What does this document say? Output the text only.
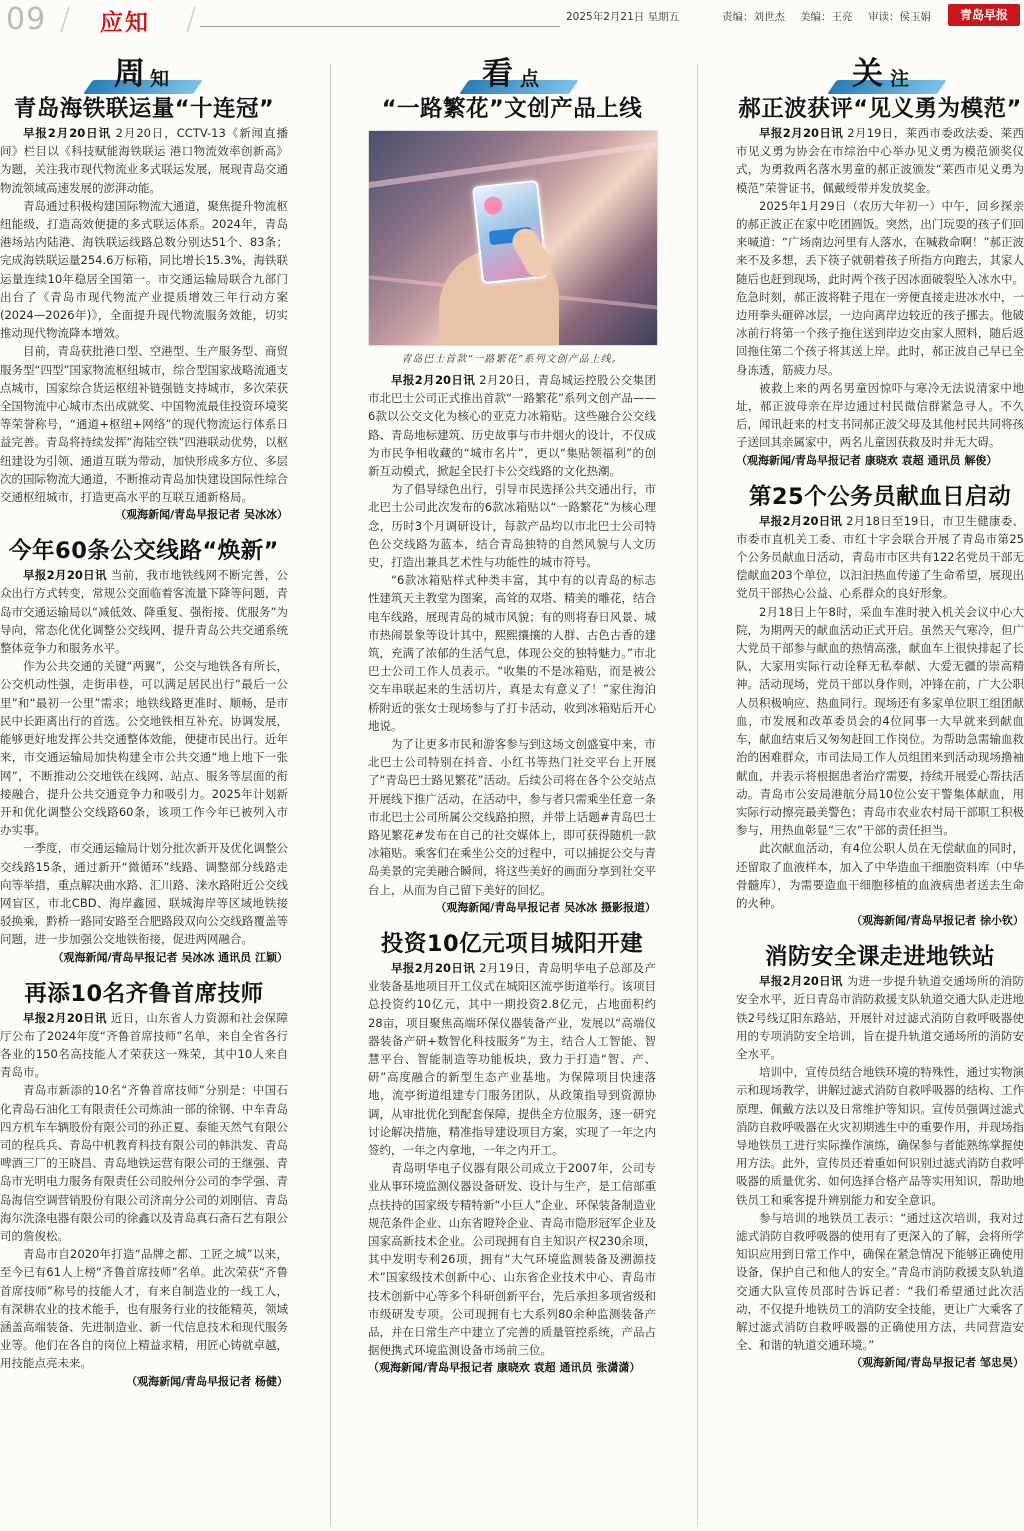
09 / 应知 /	2025年2月21日 星期五	责编：刘世杰 美编：王亮 审读：侯玉娟	青岛早报
周 知
青岛海铁联运量“十连冠”

早报2月20日讯 2月20日，CCTV-13《新闻直播间》栏目以《科技赋能海铁联运 港口物流效率创新高》为题，关注我市现代物流业多式联运发展，展现青岛交通物流领域高速发展的澎湃动能。

青岛通过积极构建国际物流大通道，聚焦提升物流枢纽能级，打造高效便捷的多式联运体系。2024年，青岛港场站内陆港、海铁联运线路总数分别达51个、83条；完成海铁联运量254.6万标箱，同比增长15.3%，海铁联运量连续10年稳居全国第一。市交通运输局联合九部门出台了《青岛市现代物流产业提质增效三年行动方案(2024—2026年)》，全面提升现代物流服务效能，切实推动现代物流降本增效。

目前，青岛获批港口型、空港型、生产服务型、商贸服务型“四型”国家物流枢纽城市，综合型国家战略流通支点城市，国家综合货运枢纽补链强链支持城市，多次荣获全国物流中心城市杰出成就奖、中国物流最佳投资环境奖等荣誉称号，“通道+枢纽+网络”的现代物流运行体系日益完善。青岛将持续发挥“海陆空铁”四港联动优势，以枢纽建设为引领、通道互联为带动，加快形成多方位、多层次的国际物流大通道，不断推动青岛加快建设国际性综合交通枢纽城市，打造更高水平的互联互通新格局。

（观海新闻/青岛早报记者 吴冰冰）

今年60条公交线路“焕新”

早报2月20日讯 当前，我市地铁线网不断完善，公众出行方式转变，常规公交面临着客流量下降等问题，青岛市交通运输局以“减低效、降重复、强衔接、优服务”为导向，常态化优化调整公交线网，提升青岛公共交通系统整体竞争力和服务水平。

作为公共交通的关键“两翼”，公交与地铁各有所长，公交机动性强，走街串巷，可以满足居民出行“最后一公里”和“最初一公里”需求；地铁线路更准时、顺畅，是市民中长距离出行的首选。公交地铁相互补充、协调发展，能够更好地发挥公共交通整体效能，便捷市民出行。近年来，市交通运输局加快构建全市公共交通“地上地下一张网”，不断推动公交地铁在线网、站点、服务等层面的衔接融合，提升公共交通竞争力和吸引力。2025年计划新开和优化调整公交线路60条，该项工作今年已被列入市办实事。

一季度，市交通运输局计划分批次新开及优化调整公交线路15条，通过新开“微循环”线路、调整部分线路走向等举措，重点解决曲水路、汇川路、涞水路附近公交线网盲区，市北CBD、海岸鑫园、联城海岸等区域地铁接驳换乘，黔桥一路同安路至合肥路段双向公交线路覆盖等问题，进一步加强公交地铁衔接，促进两网融合。

（观海新闻/青岛早报记者 吴冰冰 通讯员 江颖）

再添10名齐鲁首席技师

早报2月20日讯 近日，山东省人力资源和社会保障厅公布了2024年度“齐鲁首席技师”名单，来自全省各行各业的150名高技能人才荣获这一殊荣，其中10人来自青岛市。

青岛市新添的10名“齐鲁首席技师”分别是：中国石化青岛石油化工有限责任公司炼油一部的徐钢、中车青岛四方机车车辆股份有限公司的孙正夏、泰能天然气有限公司的程兵兵、青岛中机教育科技有限公司的韩洪发、青岛啤酒三厂的王晓昌、青岛地铁运营有限公司的王继强、青岛市光明电力服务有限责任公司胶州分公司的李学强、青岛海信空调营销股份有限公司济南分公司的刘刚信、青岛海尔洗涤电器有限公司的徐鑫以及青岛真石斋石艺有限公司的詹俊松。

青岛市自2020年打造“品牌之都、工匠之城”以来，至今已有61人上榜“齐鲁首席技师”名单。此次荣获“齐鲁首席技师”称号的技能人才，有来自制造业的一线工人，有深耕农业的技术能手，也有服务行业的技能精英，领域涵盖高端装备、先进制造业、新一代信息技术和现代服务业等。他们在各自的岗位上精益求精，用匠心铸就卓越，用技能点亮未来。

（观海新闻/青岛早报记者 杨健）

看 点
“一路繁花”文创产品上线
青岛巴士首款“一路繁花”系列文创产品上线。

早报2月20日讯 2月20日，青岛城运控股公交集团市北巴士公司正式推出首款“一路繁花”系列文创产品——6款以公交文化为核心的亚克力冰箱贴。这些融合公交线路、青岛地标建筑、历史故事与市井烟火的设计，不仅成为市民争相收藏的“城市名片”，更以“集贴领福利”的创新互动模式，掀起全民打卡公交线路的文化热潮。

为了倡导绿色出行，引导市民选择公共交通出行，市北巴士公司此次发布的6款冰箱贴以“一路繁花”为核心理念，历时3个月调研设计，每款产品均以市北巴士公司特色公交线路为蓝本，结合青岛独特的自然风貌与人文历史，打造出兼具艺术性与功能性的城市符号。

“6款冰箱贴样式种类丰富，其中有的以青岛的标志性建筑天主教堂为图案，高耸的双塔、精美的雕花，结合电车线路，展现青岛的城市风貌；有的则将春日风景、城市热闹景象等设计其中，熙熙攘攘的人群、古色古香的建筑，充满了浓郁的生活气息，体现公交的独特魅力。”市北巴士公司工作人员表示。“收集的不是冰箱贴，而是被公交车串联起来的生活切片，真是太有意义了！”家住海泊桥附近的张女士现场参与了打卡活动，收到冰箱贴后开心地说。

为了让更多市民和游客参与到这场文创盛宴中来，市北巴士公司特别在抖音、小红书等热门社交平台上开展了“青岛巴士路见繁花”活动。后续公司将在各个公交站点开展线下推广活动，在活动中，参与者只需乘坐任意一条市北巴士公司所属公交线路拍照，并带上话题#青岛巴士路见繁花#发布在自己的社交媒体上，即可获得随机一款冰箱贴。乘客们在乘坐公交的过程中，可以捕捉公交与青岛美景的完美融合瞬间，将这些美好的画面分享到社交平台上，从而为自己留下美好的回忆。

（观海新闻/青岛早报记者 吴冰冰 摄影报道）

投资10亿元项目城阳开建

早报2月20日讯 2月19日，青岛明华电子总部及产业装备基地项目开工仪式在城阳区流亭街道举行。该项目总投资约10亿元，其中一期投资2.8亿元，占地面积约28亩，项目聚焦高端环保仪器装备产业，发展以“高端仪器装备产研+数智化科技服务”为主，结合人工智能、智慧平台、智能制造等功能板块，致力于打造“智、产、研”高度融合的新型生态产业基地。为保障项目快速落地，流亭街道组建专门服务团队，从政策指导到资源协调，从审批优化到配套保障，提供全方位服务，逐一研究讨论解决措施，精准指导建设项目方案，实现了一年之内签约，一年之内拿地，一年之内开工。

青岛明华电子仪器有限公司成立于2007年，公司专业从事环境监测仪器设备研发、设计与生产，是工信部重点扶持的国家级专精特新“小巨人”企业、环保装备制造业规范条件企业、山东省瞪羚企业、青岛市隐形冠军企业及国家高新技术企业。公司现拥有自主知识产权230余项，其中发明专利26项，拥有“大气环境监测装备及溯源技术”国家级技术创新中心、山东省企业技术中心、青岛市技术创新中心等多个科研创新平台，先后承担多项省级和市级研发专项。公司现拥有七大系列80余种监测装备产品，并在日常生产中建立了完善的质量管控系统，产品占据便携式环境监测设备市场前三位。

（观海新闻/青岛早报记者 康晓欢 袁超 通讯员 张潇潇）

关 注
郝正波获评“见义勇为模范”

早报2月20日讯 2月19日，莱西市委政法委、莱西市见义勇为协会在市综治中心举办见义勇为模范颁奖仪式，为勇救两名落水男童的郝正波颁发“莱西市见义勇为模范”荣誉证书，佩戴绶带并发放奖金。

2025年1月29日（农历大年初一）中午，回乡探亲的郝正波正在家中吃团圆饭。突然，出门玩耍的孩子们回来喊道：“广场南边河里有人落水，在喊救命啊！”郝正波来不及多想，丢下筷子就朝着孩子所指方向跑去，其家人随后也赶到现场，此时两个孩子因冰面破裂坠入冰水中。危急时刻，郝正波将鞋子甩在一旁便直接走进冰水中，一边用拳头砸碎冰层，一边向离岸边较近的孩子挪去。他破冰前行将第一个孩子拖住送到岸边交由家人照料，随后返回拖住第二个孩子将其送上岸。此时，郝正波自己早已全身冻透，筋疲力尽。

被救上来的两名男童因惊吓与寒冷无法说清家中地址，郝正波母亲在岸边通过村民微信群紧急寻人。不久后，闻讯赶来的村支书同郝正波父母及其他村民共同将孩子送回其亲属家中，两名儿童因获救及时并无大碍。

（观海新闻/青岛早报记者 康晓欢 袁超 通讯员 解俊）

第25个公务员献血日启动

早报2月20日讯 2月18日至19日，市卫生健康委、市委市直机关工委、市红十字会联合开展了青岛市第25个公务员献血日活动，青岛市市区共有122名党员干部无偿献血203个单位，以汩汩热血传递了生命希望，展现出党员干部热心公益、心系群众的良好形象。

2月18日上午8时，采血车准时驶入机关会议中心大院，为期两天的献血活动正式开启。虽然天气寒冷，但广大党员干部参与献血的热情高涨，献血车上很快排起了长队，大家用实际行动诠释无私奉献、大爱无疆的崇高精神。活动现场，党员干部以身作则，冲锋在前，广大公职人员积极响应、热血同行。现场还有多家单位职工组团献血，市发展和改革委员会的4位同事一大早就来到献血车，献血结束后又匆匆赶回工作岗位。为帮助急需输血救治的困难群众，市司法局工作人员组团来到活动现场撸袖献血，并表示将根据患者治疗需要，持续开展爱心帮扶活动。青岛市公安局港航分局10位公安干警集体献血，用实际行动擦亮最美警色；青岛市农业农村局干部职工积极参与，用热血彰显“三农”干部的责任担当。

此次献血活动，有4位公职人员在无偿献血的同时，还留取了血液样本，加入了中华造血干细胞资料库（中华骨髓库），为需要造血干细胞移植的血液病患者送去生命的火种。

（观海新闻/青岛早报记者 徐小钦）

消防安全课走进地铁站

早报2月20日讯 为进一步提升轨道交通场所的消防安全水平，近日青岛市消防救援支队轨道交通大队走进地铁2号线辽阳东路站，开展针对过滤式消防自救呼吸器使用的专项消防安全培训，旨在提升轨道交通场所的消防安全水平。

培训中，宣传员结合地铁环境的特殊性，通过实物演示和现场教学，讲解过滤式消防自救呼吸器的结构、工作原理、佩戴方法以及日常维护等知识。宣传员强调过滤式消防自救呼吸器在火灾初期逃生中的重要作用，并现场指导地铁员工进行实际操作演练，确保参与者能熟练掌握使用方法。此外，宣传员还着重如何识别过滤式消防自救呼吸器的质量优劣、如何选择合格产品等实用知识，帮助地铁员工和乘客提升辨别能力和安全意识。

参与培训的地铁员工表示：“通过这次培训，我对过滤式消防自救呼吸器的使用有了更深入的了解，会将所学知识应用到日常工作中，确保在紧急情况下能够正确使用设备，保护自己和他人的安全。”青岛市消防救援支队轨道交通大队宣传员邵时告诉记者：“我们希望通过此次活动，不仅提升地铁员工的消防安全技能，更让广大乘客了解过滤式消防自救呼吸器的正确使用方法，共同营造安全、和谐的轨道交通环境。”

（观海新闻/青岛早报记者 邹忠昊）
